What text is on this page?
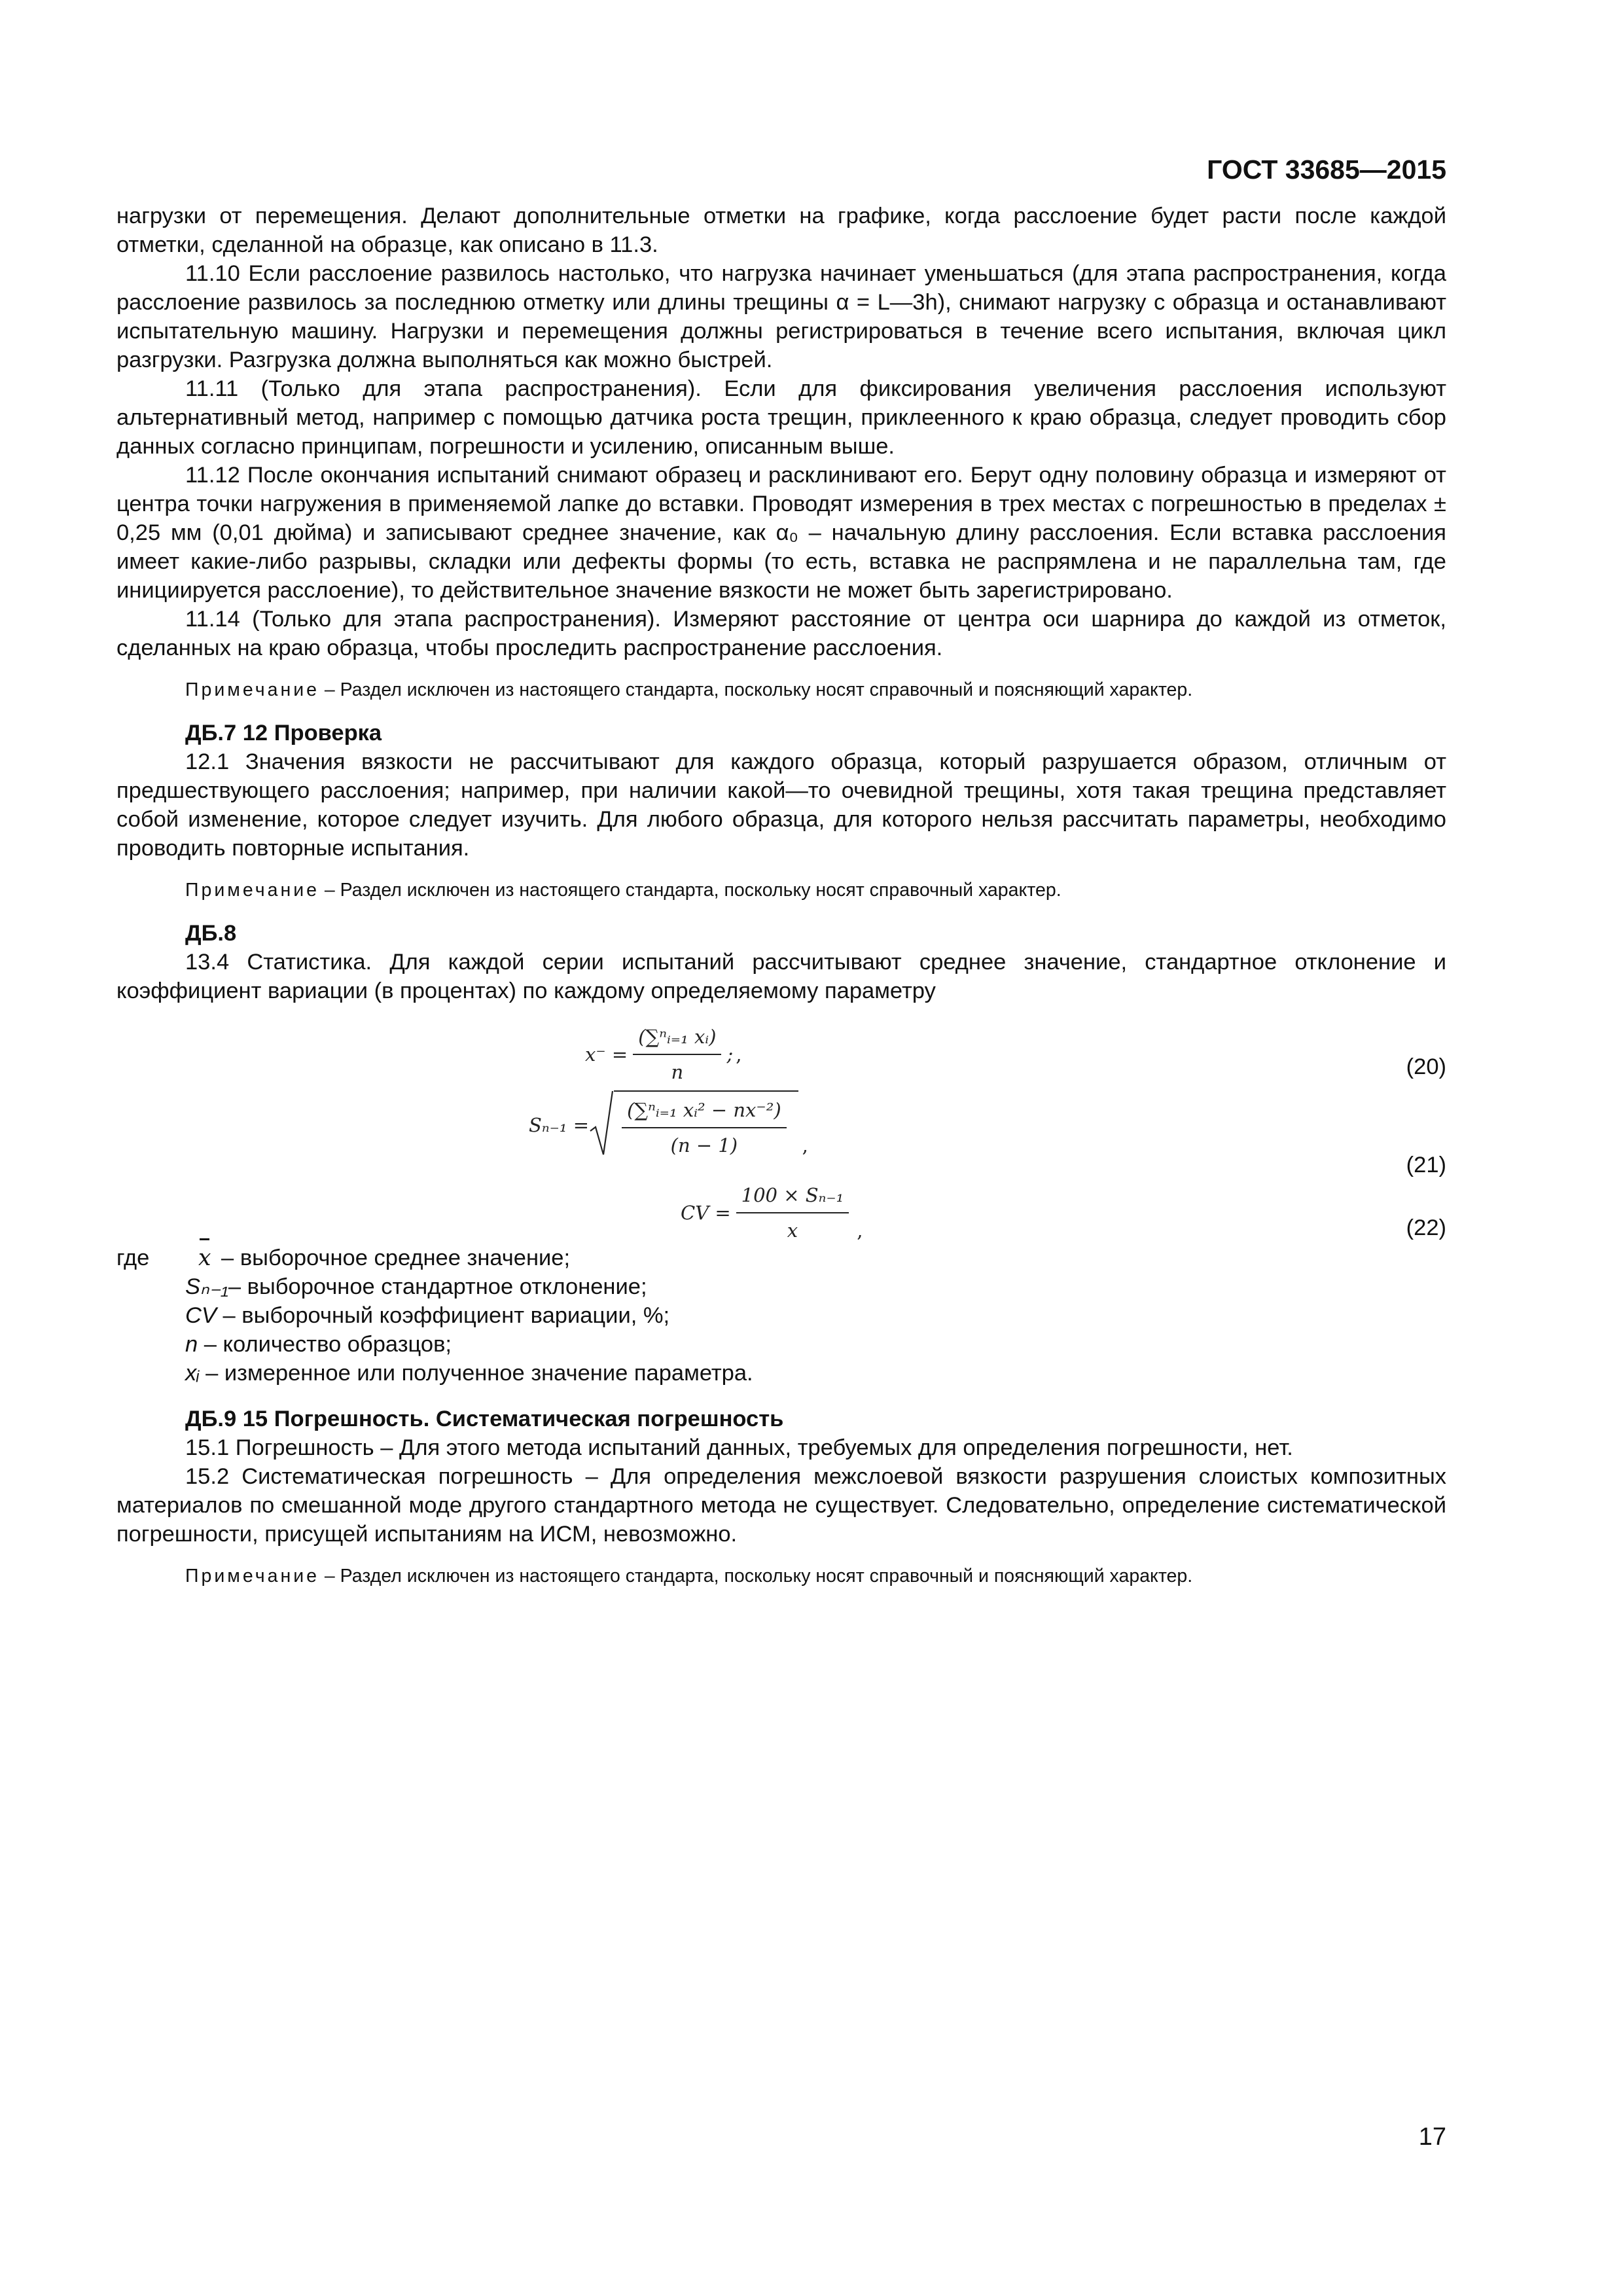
ГОСТ 33685—2015

нагрузки от перемещения. Делают дополнительные отметки на графике, когда расслоение будет расти после каждой отметки, сделанной на образце, как описано в 11.3.

11.10 Если расслоение развилось настолько, что нагрузка начинает уменьшаться (для этапа распространения, когда расслоение развилось за последнюю отметку или длины трещины α = L—3h), снимают нагрузку с образца и останавливают испытательную машину. Нагрузки и перемещения должны регистрироваться в течение всего испытания, включая цикл разгрузки. Разгрузка должна выполняться как можно быстрей.

11.11 (Только для этапа распространения). Если для фиксирования увеличения расслоения используют альтернативный метод, например с помощью датчика роста трещин, приклеенного к краю образца, следует проводить сбор данных согласно принципам, погрешности и усилению, описанным выше.

11.12 После окончания испытаний снимают образец и расклинивают его. Берут одну половину образца и измеряют от центра точки нагружения в применяемой лапке до вставки. Проводят измерения в трех местах с погрешностью в пределах ± 0,25 мм (0,01 дюйма) и записывают среднее значение, как α₀ – начальную длину расслоения. Если вставка расслоения имеет какие-либо разрывы, складки или дефекты формы (то есть, вставка не распрямлена и не параллельна там, где инициируется расслоение), то действительное значение вязкости не может быть зарегистрировано.

11.14 (Только для этапа распространения). Измеряют расстояние от центра оси шарнира до каждой из отметок, сделанных на краю образца, чтобы проследить распространение расслоения.

Примечание – Раздел исключен из настоящего стандарта, поскольку носят справочный и поясняющий характер.

ДБ.7 12 Проверка

12.1 Значения вязкости не рассчитывают для каждого образца, который разрушается образом, отличным от предшествующего расслоения; например, при наличии какой—то очевидной трещины, хотя такая трещина представляет собой изменение, которое следует изучить. Для любого образца, для которого нельзя рассчитать параметры, необходимо проводить повторные испытания.

Примечание – Раздел исключен из настоящего стандарта, поскольку носят справочный характер.

ДБ.8

13.4 Статистика. Для каждой серии испытаний рассчитывают среднее значение, стандартное отклонение и коэффициент вариации (в процентах) по каждому определяемому параметру

$x^- = \frac{\text{(∑ⁿᵢ₌₁ xᵢ)}}{n}$ ; ,	(20)
$S_{n-1} = \frac{\text{(∑ⁿᵢ₌₁ xᵢ² − nx⁻²)}}{(n - 1)}$ ,
(21)
CV = $\frac{\text{100 × Sₙ₋₁}}{x}$ ,	(22)
где	x – выборочное среднее значение;
Sₙ₋₁– выборочное стандартное отклонение;
CV – выборочный коэффициент вариации, %;
n – количество образцов;
xᵢ – измеренное или полученное значение параметра.

ДБ.9 15 Погрешность. Систематическая погрешность

15.1 Погрешность – Для этого метода испытаний данных, требуемых для определения погрешности, нет.

15.2 Систематическая погрешность – Для определения межслоевой вязкости разрушения слоистых композитных материалов по смешанной моде другого стандартного метода не существует. Следовательно, определение систематической погрешности, присущей испытаниям на ИСМ, невозможно.

Примечание – Раздел исключен из настоящего стандарта, поскольку носят справочный и поясняющий характер.

17
